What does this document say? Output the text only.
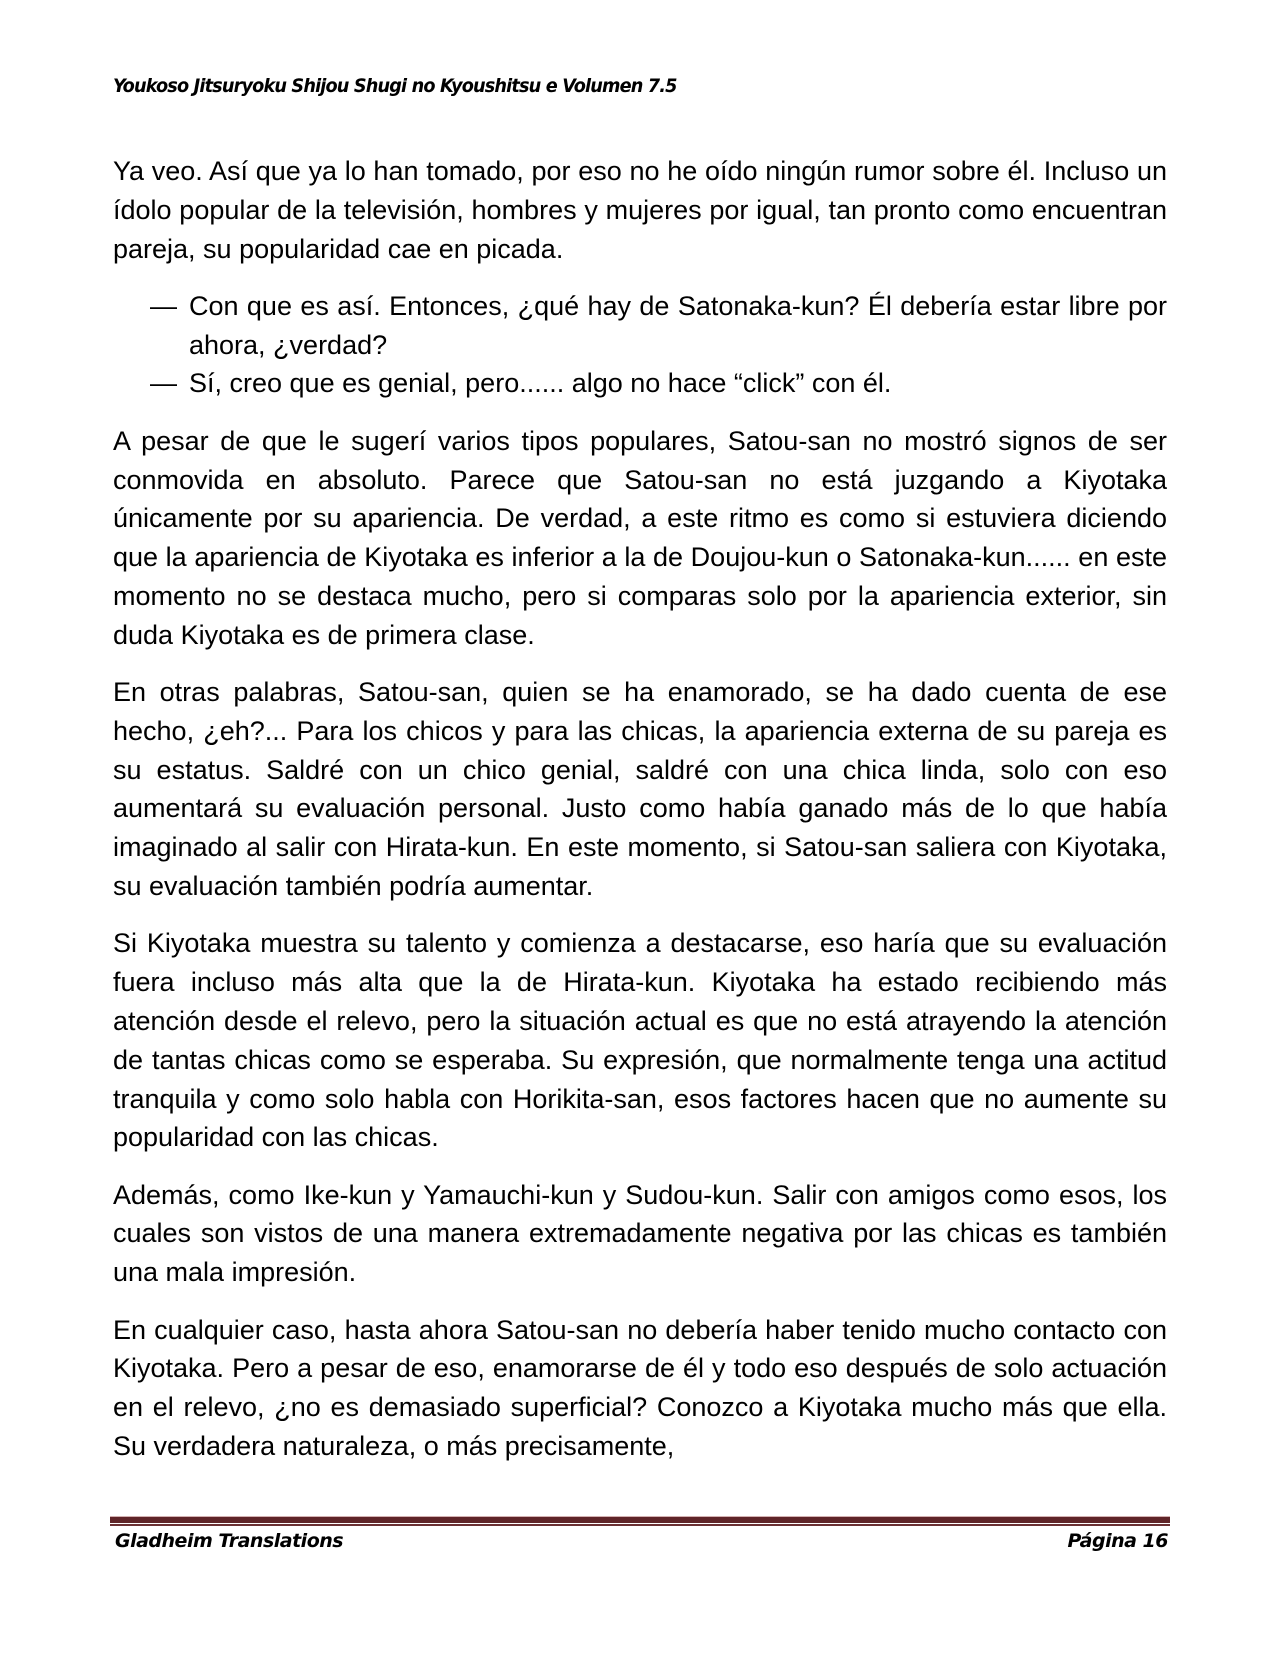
Youkoso Jitsuryoku Shijou Shugi no Kyoushitsu e Volumen 7.5

Ya veo. Así que ya lo han tomado, por eso no he oído ningún rumor sobre él. Incluso un ídolo popular de la televisión, hombres y mujeres por igual, tan pronto como encuentran pareja, su popularidad cae en picada.

— Con que es así. Entonces, ¿qué hay de Satonaka-kun? Él debería estar libre por ahora, ¿verdad?
— Sí, creo que es genial, pero...... algo no hace “click” con él.

A pesar de que le sugerí varios tipos populares, Satou-san no mostró signos de ser conmovida en absoluto. Parece que Satou-san no está juzgando a Kiyotaka únicamente por su apariencia. De verdad, a este ritmo es como si estuviera diciendo que la apariencia de Kiyotaka es inferior a la de Doujou-kun o Satonaka-kun...... en este momento no se destaca mucho, pero si comparas solo por la apariencia exterior, sin duda Kiyotaka es de primera clase.

En otras palabras, Satou-san, quien se ha enamorado, se ha dado cuenta de ese hecho, ¿eh?... Para los chicos y para las chicas, la apariencia externa de su pareja es su estatus. Saldré con un chico genial, saldré con una chica linda, solo con eso aumentará su evaluación personal. Justo como había ganado más de lo que había imaginado al salir con Hirata-kun. En este momento, si Satou-san saliera con Kiyotaka, su evaluación también podría aumentar.

Si Kiyotaka muestra su talento y comienza a destacarse, eso haría que su evaluación fuera incluso más alta que la de Hirata-kun. Kiyotaka ha estado recibiendo más atención desde el relevo, pero la situación actual es que no está atrayendo la atención de tantas chicas como se esperaba. Su expresión, que normalmente tenga una actitud tranquila y como solo habla con Horikita-san, esos factores hacen que no aumente su popularidad con las chicas.

Además, como Ike-kun y Yamauchi-kun y Sudou-kun. Salir con amigos como esos, los cuales son vistos de una manera extremadamente negativa por las chicas es también una mala impresión.

En cualquier caso, hasta ahora Satou-san no debería haber tenido mucho contacto con Kiyotaka. Pero a pesar de eso, enamorarse de él y todo eso después de solo actuación en el relevo, ¿no es demasiado superficial? Conozco a Kiyotaka mucho más que ella. Su verdadera naturaleza, o más precisamente,

Gladheim Translations	Página 16
